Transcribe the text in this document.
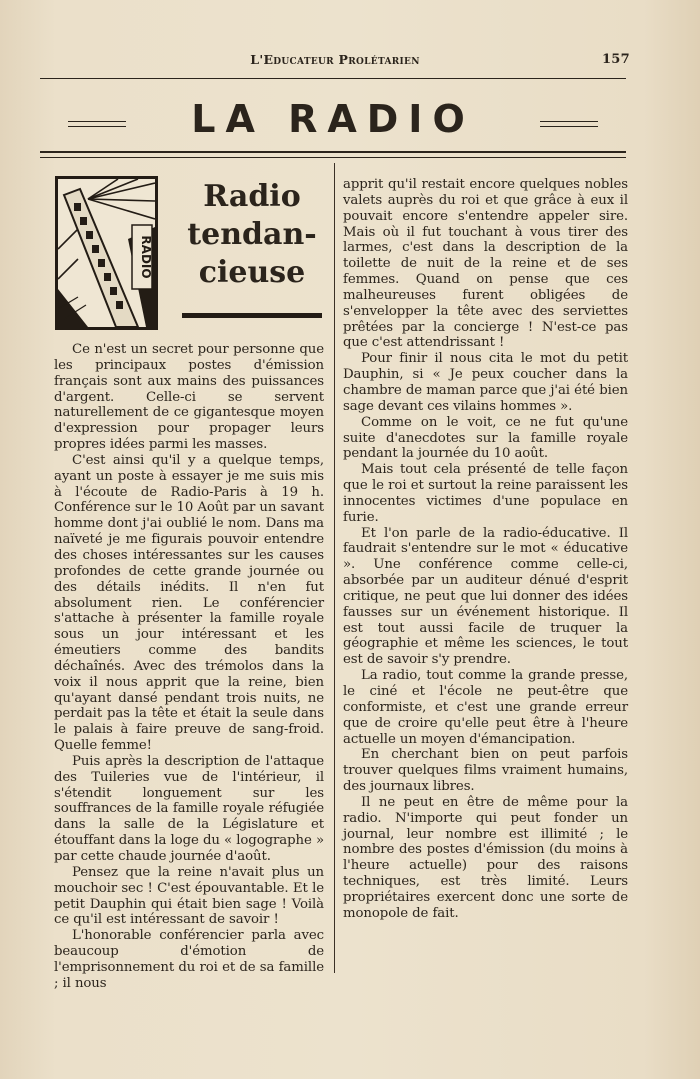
L'Educateur Prolétarien	157
LA RADIO
RADIO
Radio
tendan-
cieuse

Ce n'est un secret pour personne que les principaux postes d'émission français sont aux mains des puissances d'argent. Celle-ci se servent naturellement de ce gigantesque moyen d'expression pour propager leurs propres idées parmi les masses.

C'est ainsi qu'il y a quelque temps, ayant un poste à essayer je me suis mis à l'écoute de Radio-Paris à 19 h. Conférence sur le 10 Août par un savant homme dont j'ai oublié le nom. Dans ma naïveté je me figurais pouvoir entendre des choses intéressantes sur les causes profondes de cette grande journée ou des détails inédits. Il n'en fut absolument rien. Le conférencier s'attache à présenter la famille royale sous un jour intéressant et les émeutiers comme des bandits déchaînés. Avec des trémolos dans la voix il nous apprit que la reine, bien qu'ayant dansé pendant trois nuits, ne perdait pas la tête et était la seule dans le palais à faire preuve de sang-froid. Quelle femme!

Puis après la description de l'attaque des Tuileries vue de l'intérieur, il s'étendit longuement sur les souffrances de la famille royale réfugiée dans la salle de la Législature et étouffant dans la loge du « logographe » par cette chaude journée d'août.

Pensez que la reine n'avait plus un mouchoir sec ! C'est épouvantable. Et le petit Dauphin qui était bien sage ! Voilà ce qu'il est intéressant de savoir !

L'honorable conférencier parla avec beaucoup d'émotion de l'emprisonnement du roi et de sa famille ; il nous

apprit qu'il restait encore quelques nobles valets auprès du roi et que grâce à eux il pouvait encore s'entendre appeler sire. Mais où il fut touchant à vous tirer des larmes, c'est dans la description de la toilette de nuit de la reine et de ses femmes. Quand on pense que ces malheureuses furent obligées de s'envelopper la tête avec des serviettes prêtées par la concierge ! N'est-ce pas que c'est attendrissant !

Pour finir il nous cita le mot du petit Dauphin, si « Je peux coucher dans la chambre de maman parce que j'ai été bien sage devant ces vilains hommes ».

Comme on le voit, ce ne fut qu'une suite d'anecdotes sur la famille royale pendant la journée du 10 août.

Mais tout cela présenté de telle façon que le roi et surtout la reine paraissent les innocentes victimes d'une populace en furie.

Et l'on parle de la radio-éducative. Il faudrait s'entendre sur le mot « éducative ». Une conférence comme celle-ci, absorbée par un auditeur dénué d'esprit critique, ne peut que lui donner des idées fausses sur un événement historique. Il est tout aussi facile de truquer la géographie et même les sciences, le tout est de savoir s'y prendre.

La radio, tout comme la grande presse, le ciné et l'école ne peut-être que conformiste, et c'est une grande erreur que de croire qu'elle peut être à l'heure actuelle un moyen d'émancipation.

En cherchant bien on peut parfois trouver quelques films vraiment humains, des journaux libres.

Il ne peut en être de même pour la radio. N'importe qui peut fonder un journal, leur nombre est illimité ; le nombre des postes d'émission (du moins à l'heure actuelle) pour des raisons techniques, est très limité. Leurs propriétaires exercent donc une sorte de monopole de fait.
